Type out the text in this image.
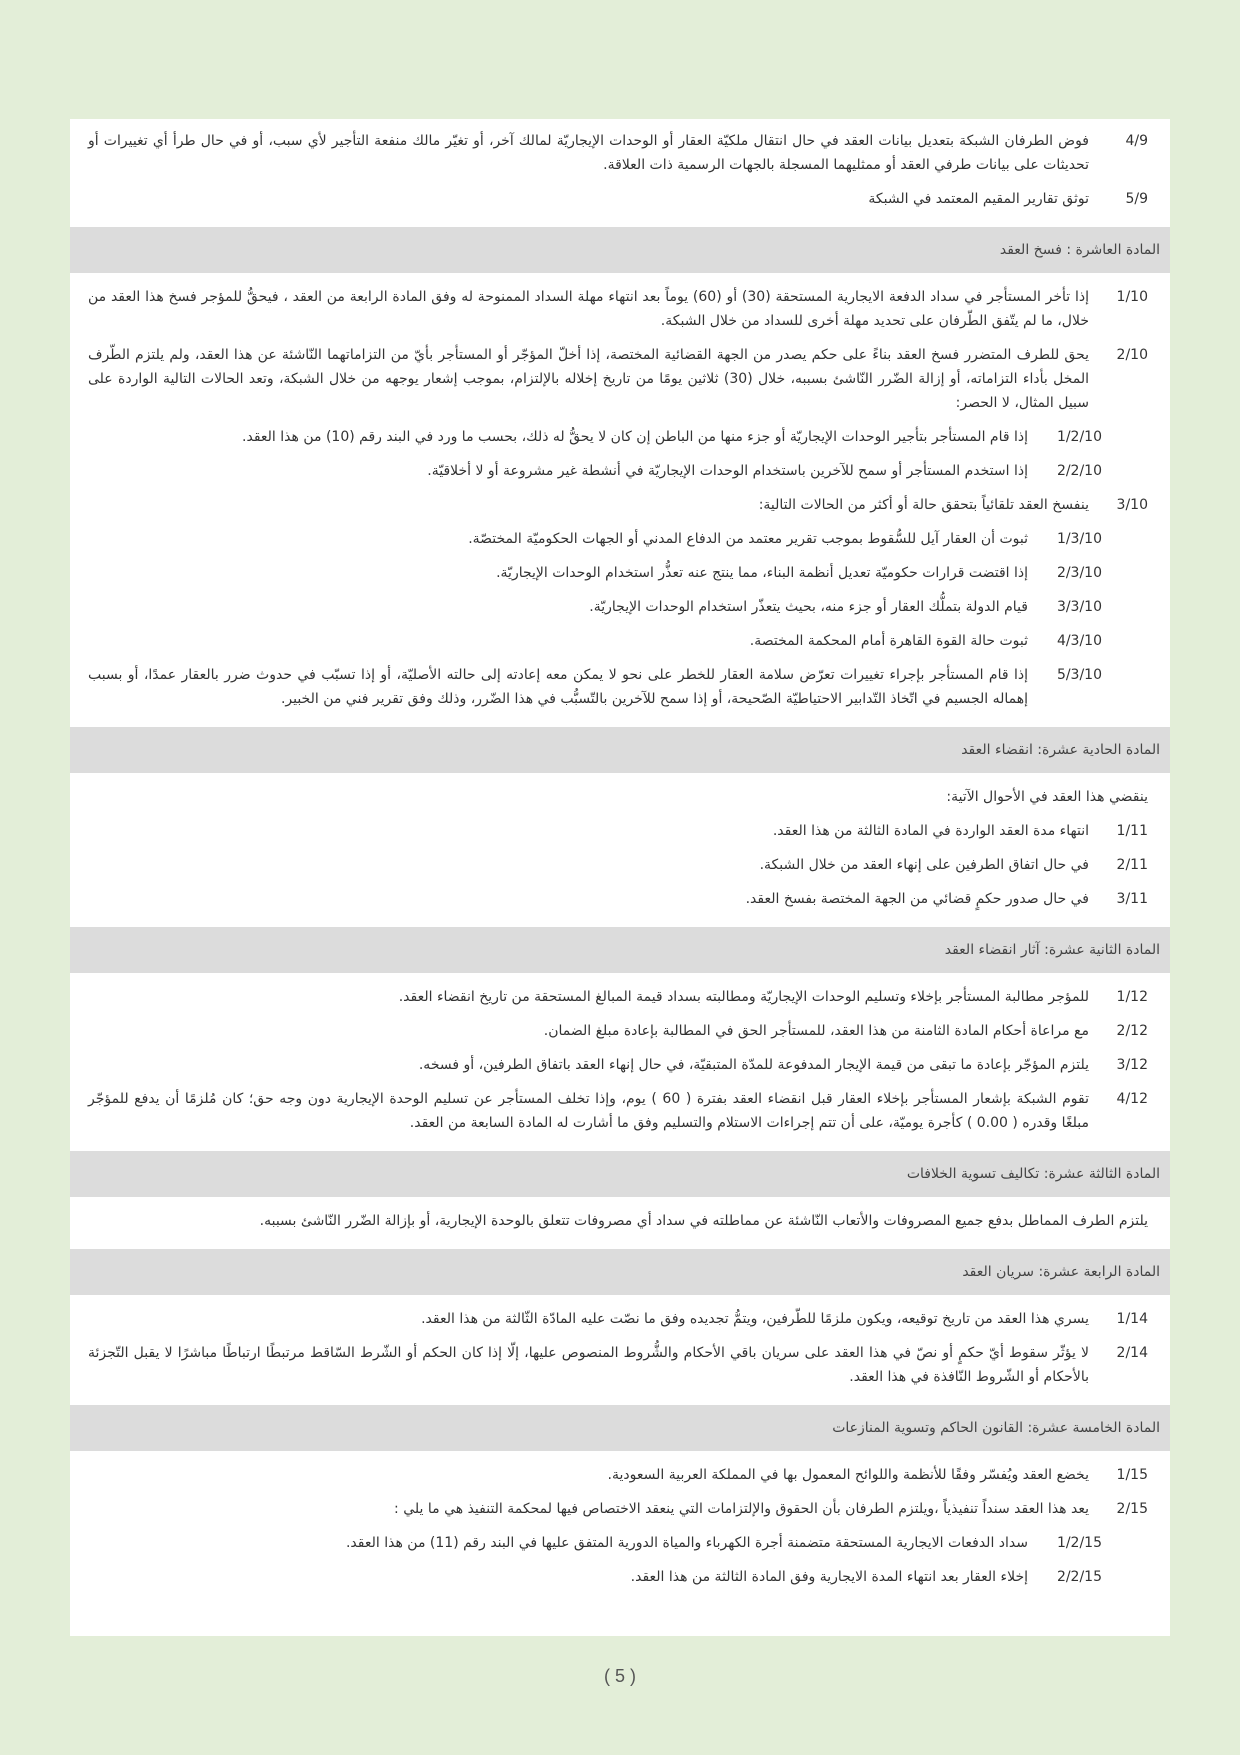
4/9
فوض الطرفان الشبكة بتعديل بيانات العقد في حال انتقال ملكيّة العقار أو الوحدات الإيجاريّة لمالك آخر، أو تغيّر مالك منفعة التأجير لأي سبب، أو في حال طرأ أي تغييرات أو تحديثات على بيانات طرفي العقد أو ممثليهما المسجلة بالجهات الرسمية ذات العلاقة.
5/9
توثق تقارير المقيم المعتمد في الشبكة
المادة العاشرة : فسخ العقد
1/10
إذا تأخر المستأجر في سداد الدفعة الايجارية المستحقة (30) أو (60) يوماً بعد انتهاء مهلة السداد الممنوحة له وفق المادة الرابعة من العقد ، فيحقُّ للمؤجر فسخ هذا العقد من خلال، ما لم يتّفق الطّرفان على تحديد مهلة أخرى للسداد من خلال الشبكة.
2/10
يحق للطرف المتضرر فسخ العقد بناءً على حكم يصدر من الجهة القضائية المختصة، إذا أخلّ المؤجّر أو المستأجر بأيّ من التزاماتهما النّاشئة عن هذا العقد، ولم يلتزم الطّرف المخل بأداء التزاماته، أو إزالة الضّرر النّاشئ بسببه، خلال (30) ثلاثين يومًا من تاريخ إخلاله بالإلتزام، بموجب إشعار يوجهه من خلال الشبكة، وتعد الحالات التالية الواردة على سبيل المثال، لا الحصر:
1/2/10
إذا قام المستأجر بتأجير الوحدات الإيجاريّة أو جزء منها من الباطن إن كان لا يحقُّ له ذلك، بحسب ما ورد في البند رقم (10) من هذا العقد.
2/2/10
إذا استخدم المستأجر أو سمح للآخرين باستخدام الوحدات الإيجاريّة في أنشطة غير مشروعة أو لا أخلاقيّة.
3/10
ينفسخ العقد تلقائياً بتحقق حالة أو أكثر من الحالات التالية:
1/3/10
ثبوت أن العقار آيل للسُّقوط بموجب تقرير معتمد من الدفاع المدني أو الجهات الحكوميّة المختصّة.
2/3/10
إذا اقتضت قرارات حكوميّة تعديل أنظمة البناء، مما ينتج عنه تعذُّر استخدام الوحدات الإيجاريّة.
3/3/10
قيام الدولة بتملُّك العقار أو جزء منه، بحيث يتعذّر استخدام الوحدات الإيجاريّة.
4/3/10
ثبوت حالة القوة القاهرة أمام المحكمة المختصة.
5/3/10
إذا قام المستأجر بإجراء تغييرات تعرّض سلامة العقار للخطر على نحو لا يمكن معه إعادته إلى حالته الأصليّة، أو إذا تسبّب في حدوث ضرر بالعقار عمدًا، أو بسبب إهماله الجسيم في اتّخاذ التّدابير الاحتياطيّة الصّحيحة، أو إذا سمح للآخرين بالتّسبُّب في هذا الضّرر، وذلك وفق تقرير فني من الخبير.
المادة الحادية عشرة: انقضاء العقد
ينقضي هذا العقد في الأحوال الآتية:
1/11
انتهاء مدة العقد الواردة في المادة الثالثة من هذا العقد.
2/11
في حال اتفاق الطرفين على إنهاء العقد من خلال الشبكة.
3/11
في حال صدور حكمٍ قضائي من الجهة المختصة بفسخ العقد.
المادة الثانية عشرة: آثار انقضاء العقد
1/12
للمؤجر مطالبة المستأجر بإخلاء وتسليم الوحدات الإيجاريّة ومطالبته بسداد قيمة المبالغ المستحقة من تاريخ انقضاء العقد.
2/12
مع مراعاة أحكام المادة الثامنة من هذا العقد، للمستأجر الحق في المطالبة بإعادة مبلغ الضمان.
3/12
يلتزم المؤجّر بإعادة ما تبقى من قيمة الإيجار المدفوعة للمدّة المتبقيّة، في حال إنهاء العقد باتفاق الطرفين، أو فسخه.
4/12
تقوم الشبكة بإشعار المستأجر بإخلاء العقار قبل انقضاء العقد بفترة ( 60 ) يوم، وإذا تخلف المستأجر عن تسليم الوحدة الإيجارية دون وجه حق؛ كان مُلزمًا أن يدفع للمؤجّر مبلغًا وقدره ( 0.00 ) كأجرة يوميّة، على أن تتم إجراءات الاستلام والتسليم وفق ما أشارت له المادة السابعة من العقد.
المادة الثالثة عشرة: تكاليف تسوية الخلافات
يلتزم الطرف المماطل بدفع جميع المصروفات والأتعاب النّاشئة عن مماطلته في سداد أي مصروفات تتعلق بالوحدة الإيجارية، أو بإزالة الضّرر النّاشئ بسببه.
المادة الرابعة عشرة: سريان العقد
1/14
يسري هذا العقد من تاريخ توقيعه، ويكون ملزمًا للطّرفين، ويتمُّ تجديده وفق ما نصّت عليه المادّة الثّالثة من هذا العقد.
2/14
لا يؤثّر سقوط أيّ حكمٍ أو نصّ في هذا العقد على سريان باقي الأحكام والشُّروط المنصوص عليها، إلّا إذا كان الحكم أو الشّرط السّاقط مرتبطًا ارتباطًا مباشرًا لا يقبل التّجزئة بالأحكام أو الشّروط النّافذة في هذا العقد.
المادة الخامسة عشرة: القانون الحاكم وتسوية المنازعات
1/15
يخضع العقد ويُفسّر وفقًا للأنظمة واللوائح المعمول بها في المملكة العربية السعودية.
2/15
يعد هذا العقد سنداً تنفيذياً ،ويلتزم الطرفان بأن الحقوق والإلتزامات التي ينعقد الاختصاص فيها لمحكمة التنفيذ هي ما يلي :
1/2/15
سداد الدفعات الايجارية المستحقة متضمنة أجرة الكهرباء والمياة الدورية المتفق عليها في البند رقم (11) من هذا العقد.
2/2/15
إخلاء العقار بعد انتهاء المدة الايجارية وفق المادة الثالثة من هذا العقد.
( 5 )
